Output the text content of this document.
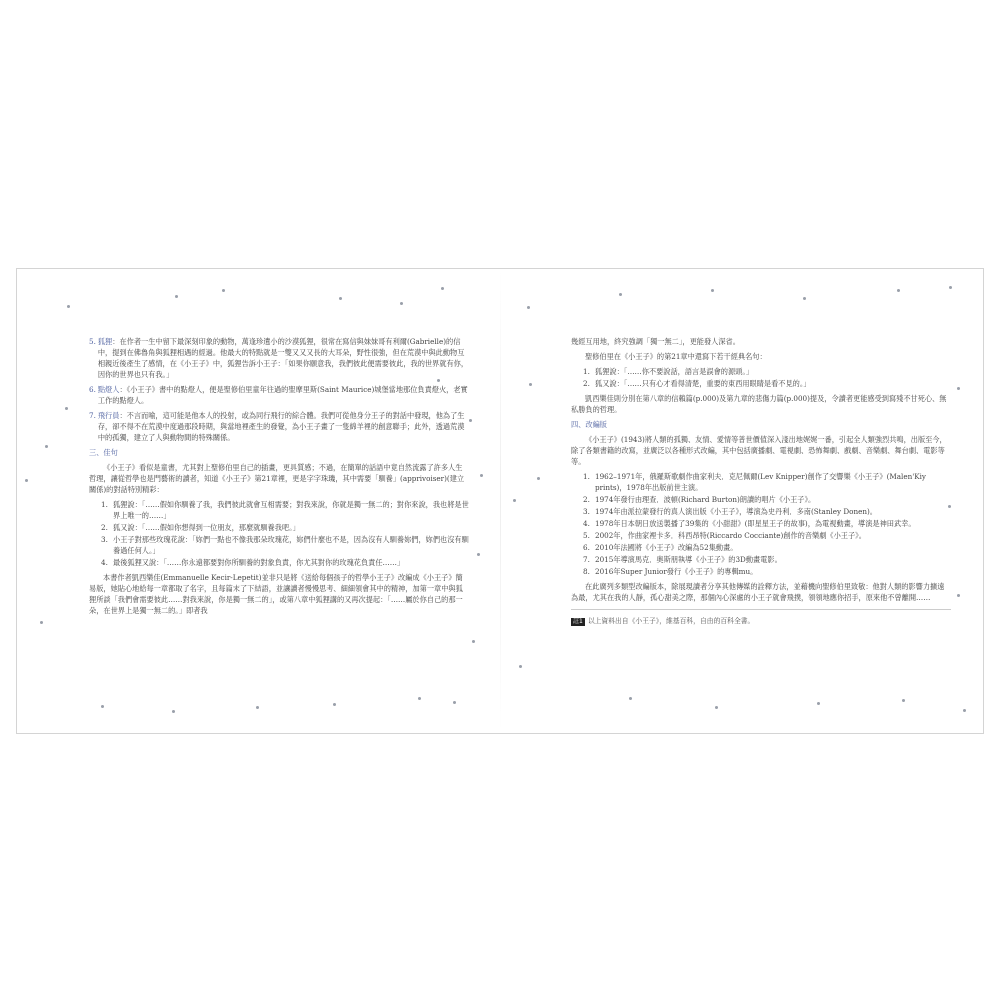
5. 狐狸：在作者一生中留下最深刻印象的動物，萬逢珍遺小的沙漠狐狸，很常在寫信與妹妹哥有利爾(Gabrielle)的信中，提到在佛魯角與狐狸相遇的經過。他最大的特點就是一雙又又又長的大耳朵，野性很強，但在荒漠中與此動物互相親近後產生了感情，在《小王子》中，狐狸告訴小王子：「如果你願意我，我們彼此便需要彼此，我的世界就有你，因你的世界也只有我。」
6. 點燈人：《小王子》書中的點燈人，便是聖修伯里童年往過的聖摩里斯(Saint Maurice)城堡當地那位負責燈火，老實工作的點燈人。
7. 飛行員：不言而喻，這可能是他本人的投射，或為同行飛行的綜合體。我們可從他身分王子的對話中發現，他為了生存，卻不得不在荒漠中度過那段時期，與當地裡產生的發覺，為小王子畫了一隻綿羊裡的創意聯手；此外，透過荒漠中的孤獨，建立了人與動物間的特殊關係。
三、佳句

《小王子》看似是童書，尤其對上聖修伯里自己的插畫，更具質感；不過，在簡單的話語中竟自然流露了許多人生哲理，讓從哲學也是門藝術的讀者，知道《小王子》第21章裡，更是字字珠璣，其中需要「馴養」(apprivoiser)(建立關係)的對話特別精彩：

1. 狐狸說：「……假如你馴養了我，我們彼此就會互相需要；對我來說，你就是獨一無二的；對你來說，我也將是世界上唯一的……」
2. 狐又說：「……假如你想得到一位朋友，那麼就馴養我吧。」
3. 小王子對那些玫瑰花說：「妳們一點也不像我那朵玫瑰花，妳們什麼也不是，因為沒有人馴養妳們，妳們也沒有馴養過任何人。」
4. 最後狐狸又說：「……你永遠都要對你所馴養的對象負責，你尤其對你的玫瑰花負責任……」

本書作者凱西樂佳(Emmanuelle Kecir-Lepetit)並非只是將《送給每個孩子的哲學小王子》改編成《小王子》簡易版，她貼心地給每一章都取了名字，且每篇末了下結語，並讓讀者慢慢思考、細細領會其中的精神，加第一章中與狐狸所談「我們會需要彼此……對我來說，你是獨一無二的」，或第八章中狐狸講的又再次提起：「……屬於你自己的那一朵，在世界上是獨一無二的。」即者我

幾經互用地，終究強調「獨一無二」，更能發人深省。

聖修伯里在《小王子》的第21章中還寫下若干經典名句：

1. 狐狸說：「……你不要說話，語言是誤會的源頭。」
2. 狐又說：「……只有心才看得清楚，重要的東西用眼睛是看不見的。」

凱西樂佳則分別在第八章的信賴篇(p.000)及第九章的悲傷力篇(p.000)提及，令讀者更能感受到寫殘不甘死心、無私勝負的哲理。

四、改編版

《小王子》(1943)將人類的孤獨、友情、愛情等普世價值深入淺出地娓娓一番，引起全人類強烈共鳴，出版至今，除了各類書籍的改寫，並廣泛以各種形式改編，其中包括廣播劇、電視劇、恐怖舞劇、戲劇、音樂劇、舞台劇、電影等等。

1. 1962–1971年，俄羅斯歌劇作曲家利夫．克尼佩爾(Lev Knipper)創作了交響樂《小王子》(Malen'Kiy prints)，1978年出版前世主演。
2. 1974年發行由理查．波頓(Richard Burton)朗讀的唱片《小王子》。
3. 1974年由派拉蒙發行的真人演出版《小王子》，導演為史丹利．多南(Stanley Donen)。
4. 1978年日本朝日放送製播了39集的《小甜甜》(即星星王子的故事)，為電視動畫，導演是神田武幸。
5. 2002年，作曲家裡卡多．科西昂特(Riccardo Cocciante)創作的音樂劇《小王子》。
6. 2010年法國將《小王子》改編為52集動畫。
7. 2015年導演馬克．奧斯朋執導《小王子》的3D動畫電影。
8. 2016年Super Junior發行《小王子》的專輯mu。

在此廣列多類型改編版本，除展現讀者分享其他傳媒的詮釋方法，並藉機向聖修伯里致敬：他對人類的影響力擴遠為最，尤其在我的人靜，孤心甜美之際，那個內心深處的小王子就會飛撲，領領地應你招手，原來他不曾離開……

註1 以上資料出自《小王子》，維基百科，自由的百科全書。
